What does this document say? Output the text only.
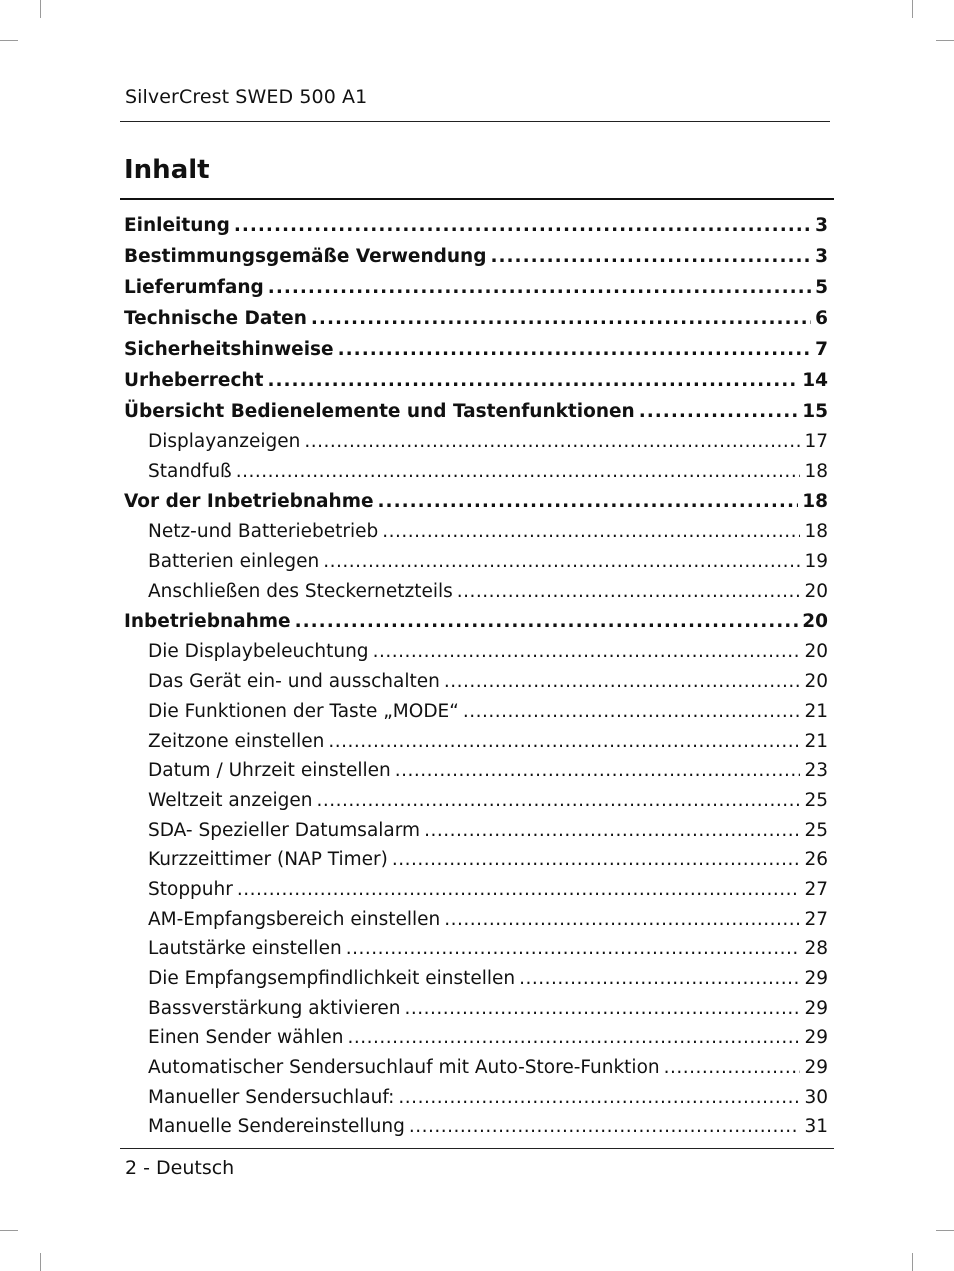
SilverCrest SWED 500 A1
Inhalt
Einleitung .....	3
Bestimmungsgemäße Verwendung .....	3
Lieferumfang .....	5
Technische Daten .....	6
Sicherheitshinweise .....	7
Urheberrecht .....	14
Übersicht Bedienelemente und Tastenfunktionen .....	15
Displayanzeigen .....	17
Standfuß .....	18
Vor der Inbetriebnahme .....	18
Netz-und Batteriebetrieb .....	18
Batterien einlegen .....	19
Anschließen des Steckernetzteils .....	20
Inbetriebnahme .....	20
Die Displaybeleuchtung .....	20
Das Gerät ein- und ausschalten .....	20
Die Funktionen der Taste „MODE“ .....	21
Zeitzone einstellen .....	21
Datum / Uhrzeit einstellen .....	23
Weltzeit anzeigen .....	25
SDA- Spezieller Datumsalarm .....	25
Kurzzeittimer (NAP Timer) .....	26
Stoppuhr .....	27
AM-Empfangsbereich einstellen .....	27
Lautstärke einstellen .....	28
Die Empfangsempfindlichkeit einstellen .....	29
Bassverstärkung aktivieren .....	29
Einen Sender wählen .....	29
Automatischer Sendersuchlauf mit Auto-Store-Funktion .....	29
Manueller Sendersuchlauf: .....	30
Manuelle Sendereinstellung .....	31
2 - Deutsch
